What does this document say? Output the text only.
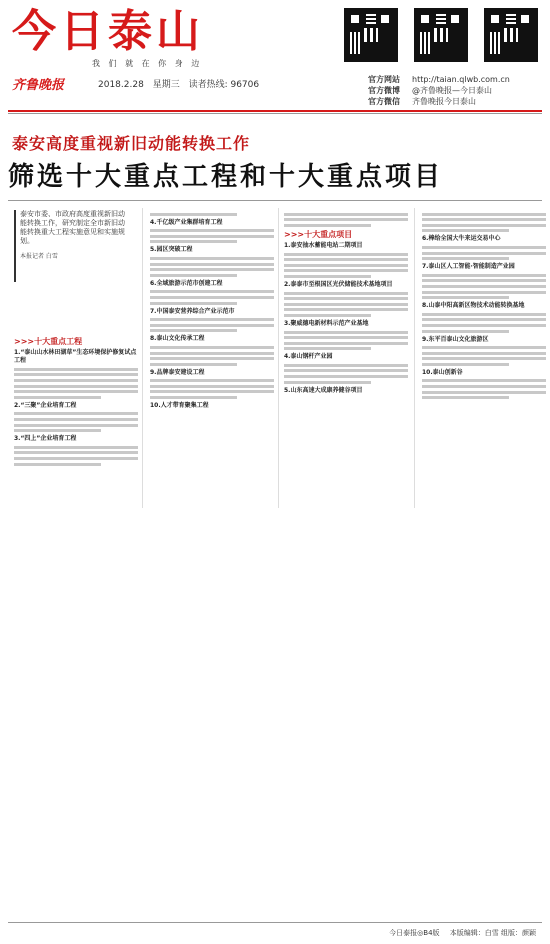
今日泰山
我 们 就 在 你 身 边
齐鲁晚报	2018.2.28 星期三 读者热线: 96706
官方网站 http://taian.qlwb.com.cn
官方微博 @齐鲁晚报—今日泰山
官方微信 齐鲁晚报今日泰山
泰安高度重视新旧动能转换工作
筛选十大重点工程和十大重点项目
泰安市委、市政府高度重视新旧动能转换工作，研究制定全市新旧动能转换重大工程实施意见和实施规划。
本报记者 白雪
>>>十大重点工程
1.“泰山山水林田湖草”生态环境保护修复试点工程
2.“三聚”企业培育工程
3.“四上”企业培育工程
4.千亿级产业集群培育工程
5.园区突破工程
6.全域旅游示范市创建工程
7.中国泰安营养综合产业示范市
8.泰山文化传承工程
9.品牌泰安建设工程
10.人才带育聚集工程
>>>十大重点项目
1.泰安抽水蓄能电站二期项目
2.泰泰市至根国区光伏储能技术基地项目
3.聚威德电新材料示范产业基地
4.泰山钢杆产业园
5.山东高速大成康养健谷项目
6.棒给全国大牛来运交易中心
7.泰山区人工智能·智能制造产业园
8.山泰中阳高新区物技术动能转换基地
9.东平百泰山文化旅游区
10.泰山创新谷
今日泰报◎B4版 本版编辑：白雪 组版：颜颖
